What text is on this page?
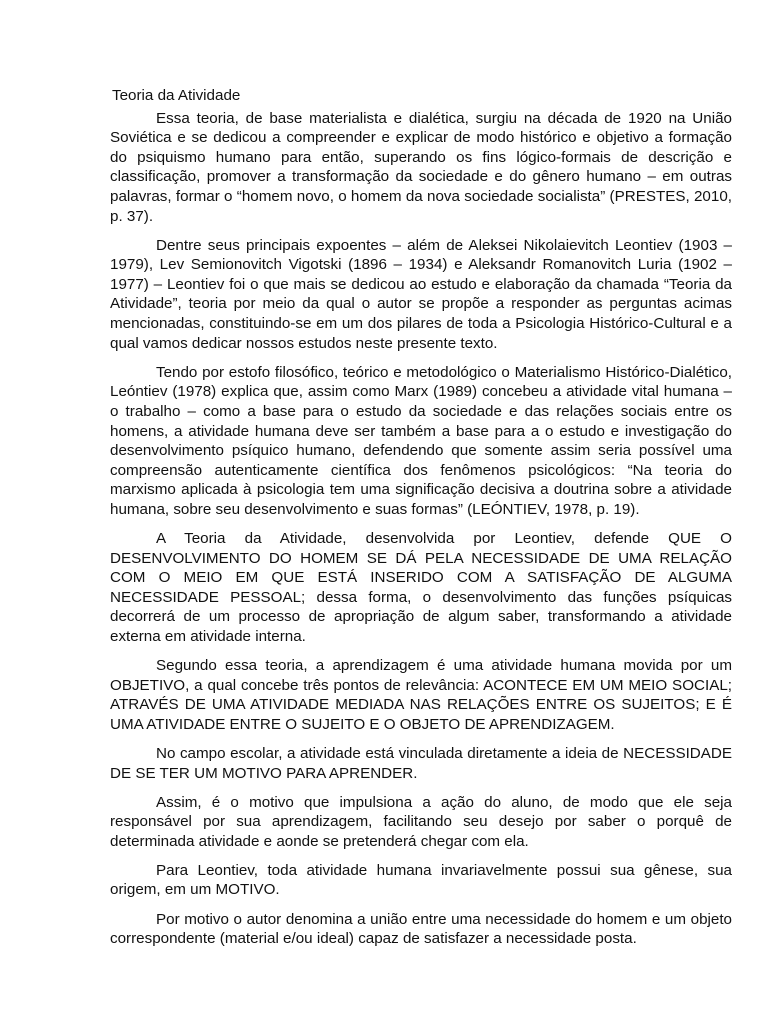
Teoria da Atividade

Essa teoria, de base materialista e dialética, surgiu na década de 1920 na União Soviética e se dedicou a compreender e explicar de modo histórico e objetivo a formação do psiquismo humano para então, superando os fins lógico-formais de descrição e classificação, promover a transformação da sociedade e do gênero humano – em outras palavras, formar o “homem novo, o homem da nova sociedade socialista” (PRESTES, 2010, p. 37).

Dentre seus principais expoentes – além de Aleksei Nikolaievitch Leontiev (1903 – 1979), Lev Semionovitch Vigotski (1896 – 1934) e Aleksandr Romanovitch Luria (1902 – 1977) – Leontiev foi o que mais se dedicou ao estudo e elaboração da chamada “Teoria da Atividade”, teoria por meio da qual o autor se propõe a responder as perguntas acimas mencionadas, constituindo-se em um dos pilares de toda a Psicologia Histórico-Cultural e a qual vamos dedicar nossos estudos neste presente texto.

Tendo por estofo filosófico, teórico e metodológico o Materialismo Histórico-Dialético, Leóntiev (1978) explica que, assim como Marx (1989) concebeu a atividade vital humana – o trabalho – como a base para o estudo da sociedade e das relações sociais entre os homens, a atividade humana deve ser também a base para a o estudo e investigação do desenvolvimento psíquico humano, defendendo que somente assim seria possível uma compreensão autenticamente científica dos fenômenos psicológicos: “Na teoria do marxismo aplicada à psicologia tem uma significação decisiva a doutrina sobre a atividade humana, sobre seu desenvolvimento e suas formas” (LEÓNTIEV, 1978, p. 19).

A Teoria da Atividade, desenvolvida por Leontiev, defende QUE O DESENVOLVIMENTO DO HOMEM SE DÁ PELA NECESSIDADE DE UMA RELAÇÃO COM O MEIO EM QUE ESTÁ INSERIDO COM A SATISFAÇÃO DE ALGUMA NECESSIDADE PESSOAL; dessa forma, o desenvolvimento das funções psíquicas decorrerá de um processo de apropriação de algum saber, transformando a atividade externa em atividade interna.

Segundo essa teoria, a aprendizagem é uma atividade humana movida por um OBJETIVO, a qual concebe três pontos de relevância: ACONTECE EM UM MEIO SOCIAL; ATRAVÉS DE UMA ATIVIDADE MEDIADA NAS RELAÇÕES ENTRE OS SUJEITOS; E É UMA ATIVIDADE ENTRE O SUJEITO E O OBJETO DE APRENDIZAGEM.

No campo escolar, a atividade está vinculada diretamente a ideia de NECESSIDADE DE SE TER UM MOTIVO PARA APRENDER.

Assim, é o motivo que impulsiona a ação do aluno, de modo que ele seja responsável por sua aprendizagem, facilitando seu desejo por saber o porquê de determinada atividade e aonde se pretenderá chegar com ela.

Para Leontiev, toda atividade humana invariavelmente possui sua gênese, sua origem, em um MOTIVO.

Por motivo o autor denomina a união entre uma necessidade do homem e um objeto correspondente (material e/ou ideal) capaz de satisfazer a necessidade posta.
